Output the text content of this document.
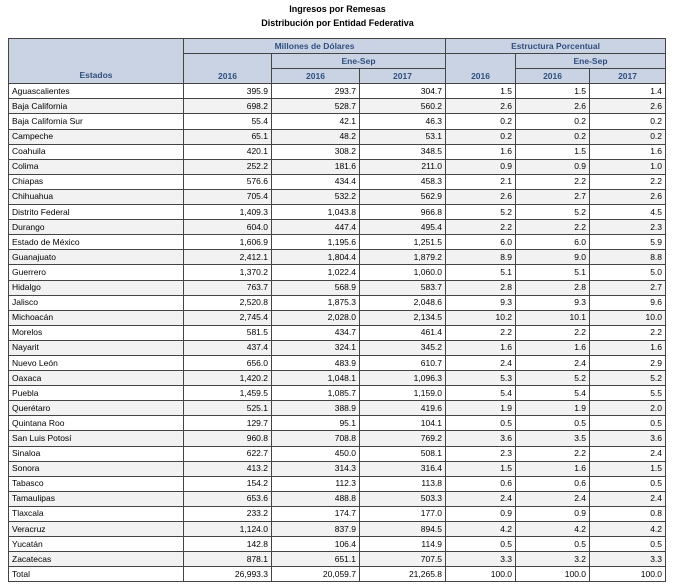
Ingresos por Remesas
Distribución por Entidad Federativa
Estados	Millones de Dólares			Estructura Porcentual		
	2016	Ene-Sep		2016	Ene-Sep	
		2016	2017		2016	2017
Aguascalientes	395.9	293.7	304.7	1.5	1.5	1.4
Baja California	698.2	528.7	560.2	2.6	2.6	2.6
Baja California Sur	55.4	42.1	46.3	0.2	0.2	0.2
Campeche	65.1	48.2	53.1	0.2	0.2	0.2
Coahuila	420.1	308.2	348.5	1.6	1.5	1.6
Colima	252.2	181.6	211.0	0.9	0.9	1.0
Chiapas	576.6	434.4	458.3	2.1	2.2	2.2
Chihuahua	705.4	532.2	562.9	2.6	2.7	2.6
Distrito Federal	1,409.3	1,043.8	966.8	5.2	5.2	4.5
Durango	604.0	447.4	495.4	2.2	2.2	2.3
Estado de México	1,606.9	1,195.6	1,251.5	6.0	6.0	5.9
Guanajuato	2,412.1	1,804.4	1,879.2	8.9	9.0	8.8
Guerrero	1,370.2	1,022.4	1,060.0	5.1	5.1	5.0
Hidalgo	763.7	568.9	583.7	2.8	2.8	2.7
Jalisco	2,520.8	1,875.3	2,048.6	9.3	9.3	9.6
Michoacán	2,745.4	2,028.0	2,134.5	10.2	10.1	10.0
Morelos	581.5	434.7	461.4	2.2	2.2	2.2
Nayarit	437.4	324.1	345.2	1.6	1.6	1.6
Nuevo León	656.0	483.9	610.7	2.4	2.4	2.9
Oaxaca	1,420.2	1,048.1	1,096.3	5.3	5.2	5.2
Puebla	1,459.5	1,085.7	1,159.0	5.4	5.4	5.5
Querétaro	525.1	388.9	419.6	1.9	1.9	2.0
Quintana Roo	129.7	95.1	104.1	0.5	0.5	0.5
San Luis Potosí	960.8	708.8	769.2	3.6	3.5	3.6
Sinaloa	622.7	450.0	508.1	2.3	2.2	2.4
Sonora	413.2	314.3	316.4	1.5	1.6	1.5
Tabasco	154.2	112.3	113.8	0.6	0.6	0.5
Tamaulipas	653.6	488.8	503.3	2.4	2.4	2.4
Tlaxcala	233.2	174.7	177.0	0.9	0.9	0.8
Veracruz	1,124.0	837.9	894.5	4.2	4.2	4.2
Yucatán	142.8	106.4	114.9	0.5	0.5	0.5
Zacatecas	878.1	651.1	707.5	3.3	3.2	3.3
Total	26,993.3	20,059.7	21,265.8	100.0	100.0	100.0
